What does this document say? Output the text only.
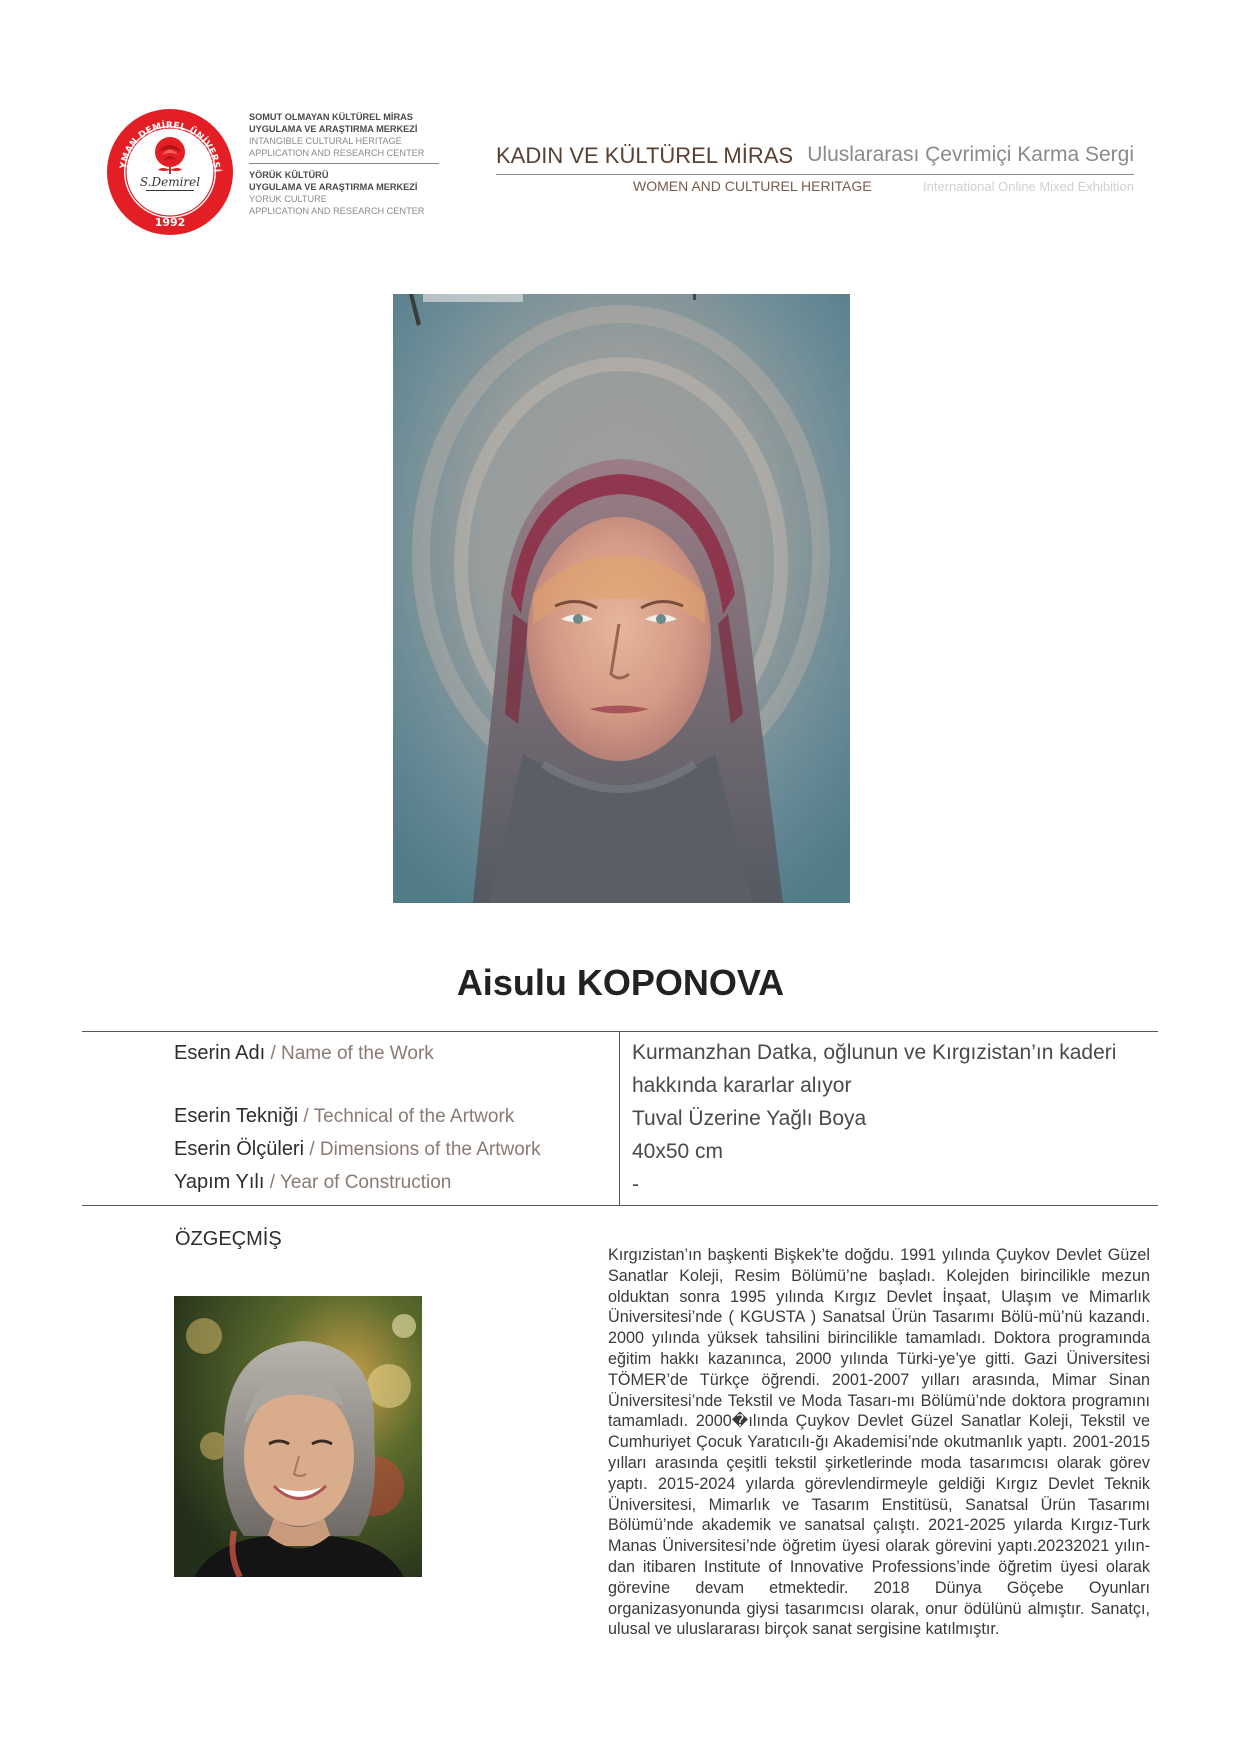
YMAN DEMİREL ÜNİVERSİ
S.Demirel
1992
SOMUT OLMAYAN KÜLTÜREL MİRAS
UYGULAMA VE ARAŞTIRMA MERKEZİ
INTANGIBLE CULTURAL HERITAGE
APPLICATION AND RESEARCH CENTER
YÖRÜK KÜLTÜRÜ
UYGULAMA VE ARAŞTIRMA MERKEZİ
YORUK CULTURE
APPLICATION AND RESEARCH CENTER
KADIN VE KÜLTÜREL MİRAS Uluslararası Çevrimiçi Karma Sergi
WOMEN AND CULTUREL HERITAGE	International Online Mixed Exhibition
Aisulu KOPONOVA
Eserin Adı / Name of the Work	Kurmanzhan Datka, oğlunun ve Kırgızistan’ın kaderi hakkında kararlar alıyor
Eserin Tekniği / Technical of the Artwork	Tuval Üzerine Yağlı Boya
Eserin Ölçüleri / Dimensions of the Artwork	40x50 cm
Yapım Yılı / Year of Construction	-
ÖZGEÇMİŞ
Kırgızistan’ın başkenti Bişkek’te doğdu. 1991 yılında Çuykov Devlet Güzel Sanatlar Koleji, Resim Bölümü’ne başladı. Kolejden birincilikle mezun olduktan sonra 1995 yılında Kırgız Devlet İnşaat, Ulaşım ve Mimarlık Üniversitesi’nde ( KGUSTA ) Sanatsal Ürün Tasarımı Bölü-mü’nü kazandı. 2000 yılında yüksek tahsilini birincilikle tamamladı. Doktora programında eğitim hakkı kazanınca, 2000 yılında Türki-ye’ye gitti. Gazi Üniversitesi TÖMER’de Türkçe öğrendi. 2001-2007 yılları arasında, Mimar Sinan Üniversitesi’nde Tekstil ve Moda Tasarı-mı Bölümü’nde doktora programını tamamladı. 2000�ılında Çuykov Devlet Güzel Sanatlar Koleji, Tekstil ve Cumhuriyet Çocuk Yaratıcılı-ğı Akademisi’nde okutmanlık yaptı. 2001-2015 yılları arasında çeşitli tekstil şirketlerinde moda tasarımcısı olarak görev yaptı. 2015-2024 yılarda görevlendirmeyle geldiği Kırgız Devlet Teknik Üniversitesi, Mimarlık ve Tasarım Enstitüsü, Sanatsal Ürün Tasarımı Bölümü’nde akademik ve sanatsal çalıştı. 2021-2025 yılarda Kırgız-Turk Manas Üniversitesi’nde öğretim üyesi olarak görevini yaptı.20232021 yılın-dan itibaren Institute of Innovative Professions’inde öğretim üyesi olarak görevine devam etmektedir. 2018 Dünya Göçebe Oyunları organizasyonunda giysi tasarımcısı olarak, onur ödülünü almıştır. Sanatçı, ulusal ve uluslararası birçok sanat sergisine katılmıştır.
